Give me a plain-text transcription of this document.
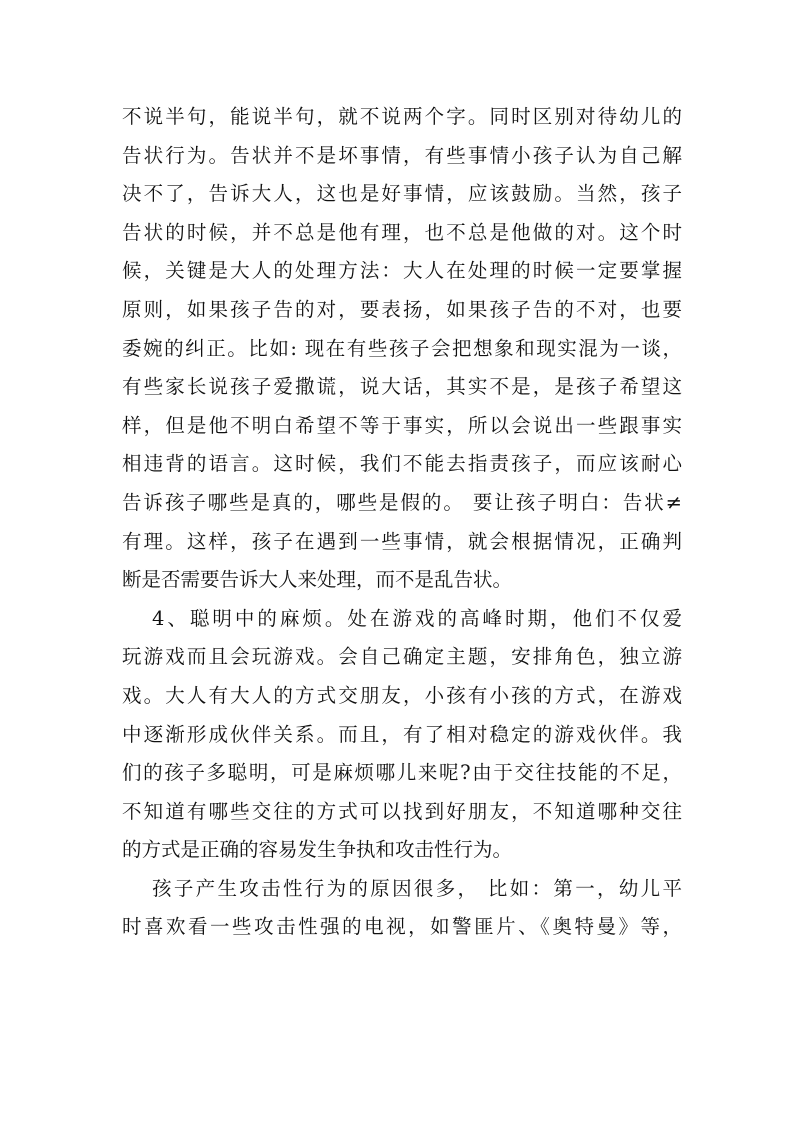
不说半句，能说半句，就不说两个字。同时区别对待幼儿的
告状行为。告状并不是坏事情，有些事情小孩子认为自己解
决不了，告诉大人，这也是好事情，应该鼓励。当然，孩子
告状的时候，并不总是他有理，也不总是他做的对。这个时
候，关键是大人的处理方法：大人在处理的时候一定要掌握
原则，如果孩子告的对，要表扬，如果孩子告的不对，也要
委婉的纠正。比如: 现在有些孩子会把想象和现实混为一谈，
有些家长说孩子爱撒谎，说大话，其实不是，是孩子希望这
样，但是他不明白希望不等于事实，所以会说出一些跟事实
相违背的语言。这时候，我们不能去指责孩子，而应该耐心
告诉孩子哪些是真的，哪些是假的。 要让孩子明白：告状≠
有理。这样，孩子在遇到一些事情，就会根据情况，正确判
断是否需要告诉大人来处理，而不是乱告状。
4、聪明中的麻烦。处在游戏的高峰时期，他们不仅爱
玩游戏而且会玩游戏。会自己确定主题，安排角色，独立游
戏。大人有大人的方式交朋友，小孩有小孩的方式，在游戏
中逐渐形成伙伴关系。而且，有了相对稳定的游戏伙伴。我
们的孩子多聪明，可是麻烦哪儿来呢?由于交往技能的不足，
不知道有哪些交往的方式可以找到好朋友，不知道哪种交往
的方式是正确的容易发生争执和攻击性行为。
孩子产生攻击性行为的原因很多， 比如：第一，幼儿平
时喜欢看一些攻击性强的电视，如警匪片、《奥特曼》等，
